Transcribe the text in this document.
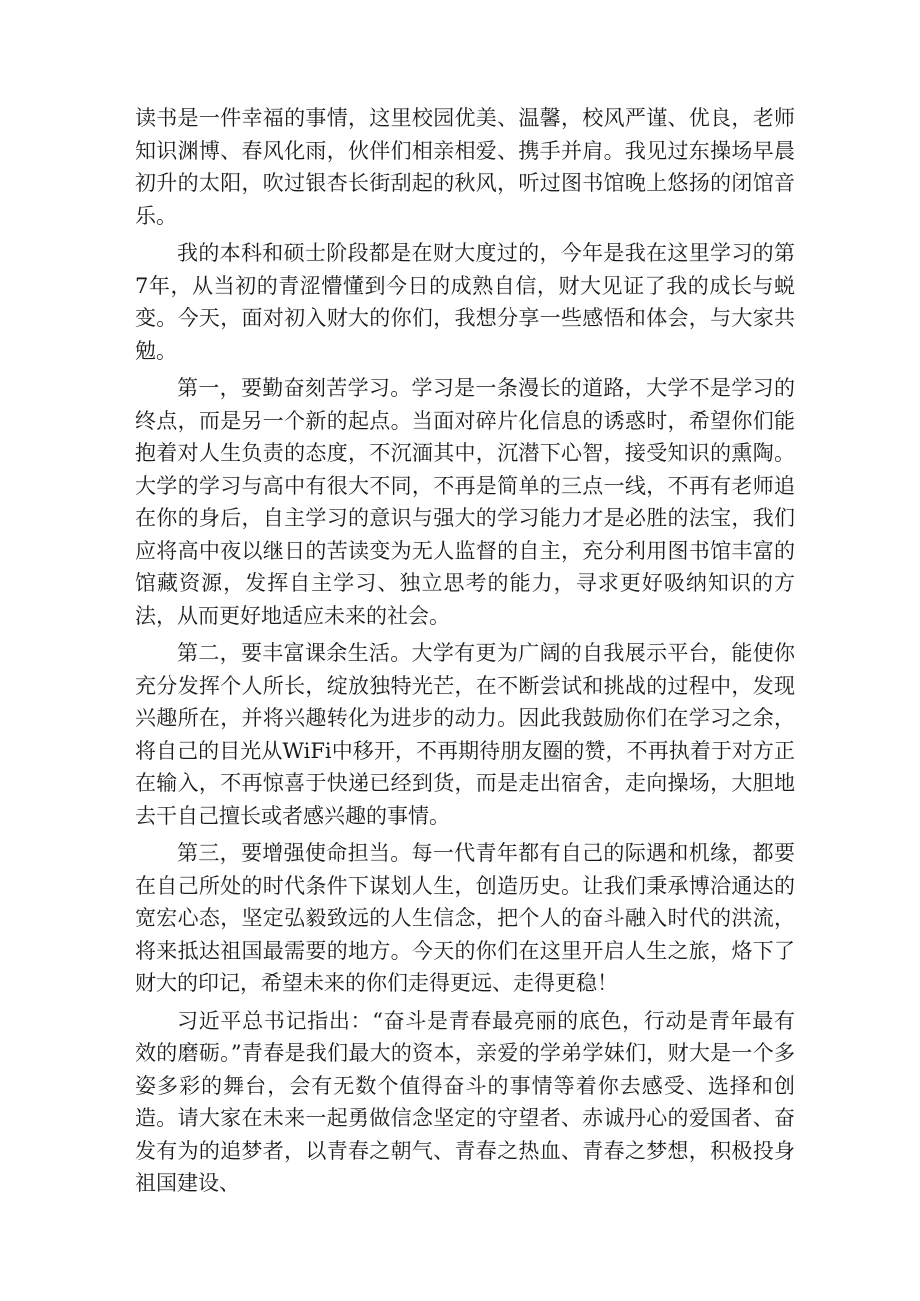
读书是一件幸福的事情，这里校园优美、温馨，校风严谨、优良，老师知识渊博、春风化雨，伙伴们相亲相爱、携手并肩。我见过东操场早晨初升的太阳，吹过银杏长街刮起的秋风，听过图书馆晚上悠扬的闭馆音乐。

我的本科和硕士阶段都是在财大度过的，今年是我在这里学习的第7年，从当初的青涩懵懂到今日的成熟自信，财大见证了我的成长与蜕变。今天，面对初入财大的你们，我想分享一些感悟和体会，与大家共勉。

第一，要勤奋刻苦学习。学习是一条漫长的道路，大学不是学习的终点，而是另一个新的起点。当面对碎片化信息的诱惑时，希望你们能抱着对人生负责的态度，不沉湎其中，沉潜下心智，接受知识的熏陶。大学的学习与高中有很大不同，不再是简单的三点一线，不再有老师追在你的身后，自主学习的意识与强大的学习能力才是必胜的法宝，我们应将高中夜以继日的苦读变为无人监督的自主，充分利用图书馆丰富的馆藏资源，发挥自主学习、独立思考的能力，寻求更好吸纳知识的方法，从而更好地适应未来的社会。

第二，要丰富课余生活。大学有更为广阔的自我展示平台，能使你充分发挥个人所长，绽放独特光芒，在不断尝试和挑战的过程中，发现兴趣所在，并将兴趣转化为进步的动力。因此我鼓励你们在学习之余，将自己的目光从WiFi中移开，不再期待朋友圈的赞，不再执着于对方正在输入，不再惊喜于快递已经到货，而是走出宿舍，走向操场，大胆地去干自己擅长或者感兴趣的事情。

第三，要增强使命担当。每一代青年都有自己的际遇和机缘，都要在自己所处的时代条件下谋划人生，创造历史。让我们秉承博洽通达的宽宏心态，坚定弘毅致远的人生信念，把个人的奋斗融入时代的洪流，将来抵达祖国最需要的地方。今天的你们在这里开启人生之旅，烙下了财大的印记，希望未来的你们走得更远、走得更稳！

习近平总书记指出：“奋斗是青春最亮丽的底色，行动是青年最有效的磨砺。”青春是我们最大的资本，亲爱的学弟学妹们，财大是一个多姿多彩的舞台，会有无数个值得奋斗的事情等着你去感受、选择和创造。请大家在未来一起勇做信念坚定的守望者、赤诚丹心的爱国者、奋发有为的追梦者，以青春之朝气、青春之热血、青春之梦想，积极投身祖国建设、
